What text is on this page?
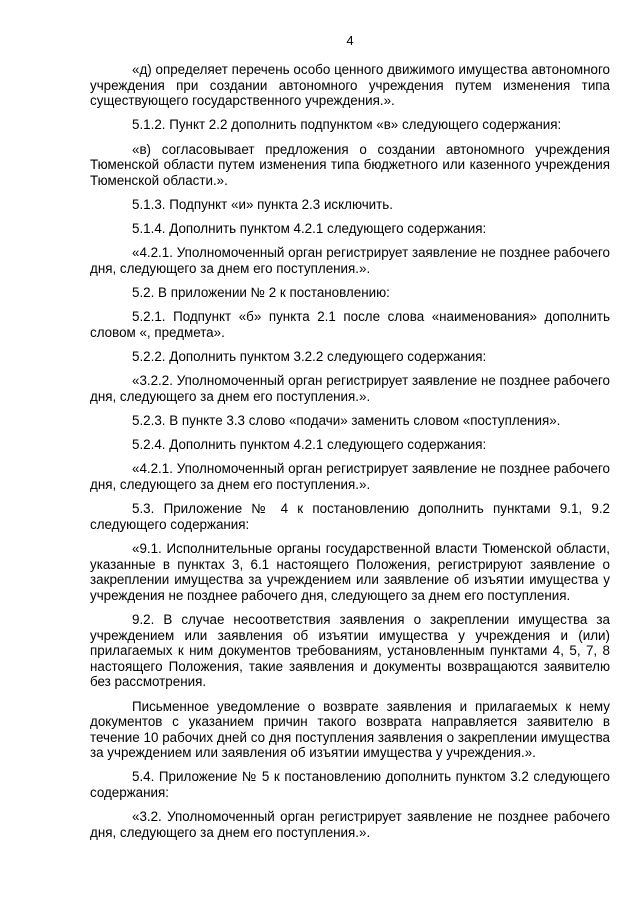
4

«д) определяет перечень особо ценного движимого имущества автономного учреждения при создании автономного учреждения путем изменения типа существующего государственного учреждения.».

5.1.2. Пункт 2.2 дополнить подпунктом «в» следующего содержания:

«в) согласовывает предложения о создании автономного учреждения Тюменской области путем изменения типа бюджетного или казенного учреждения Тюменской области.».

5.1.3. Подпункт «и» пункта 2.3 исключить.

5.1.4. Дополнить пунктом 4.2.1 следующего содержания:

«4.2.1. Уполномоченный орган регистрирует заявление не позднее рабочего дня, следующего за днем его поступления.».

5.2. В приложении № 2 к постановлению:

5.2.1. Подпункт «б» пункта 2.1 после слова «наименования» дополнить словом «, предмета».

5.2.2. Дополнить пунктом 3.2.2 следующего содержания:

«3.2.2. Уполномоченный орган регистрирует заявление не позднее рабочего дня, следующего за днем его поступления.».

5.2.3. В пункте 3.3 слово «подачи» заменить словом «поступления».

5.2.4. Дополнить пунктом 4.2.1 следующего содержания:

«4.2.1. Уполномоченный орган регистрирует заявление не позднее рабочего дня, следующего за днем его поступления.».

5.3. Приложение № 4 к постановлению дополнить пунктами 9.1, 9.2 следующего содержания:

«9.1. Исполнительные органы государственной власти Тюменской области, указанные в пунктах 3, 6.1 настоящего Положения, регистрируют заявление о закреплении имущества за учреждением или заявление об изъятии имущества у учреждения не позднее рабочего дня, следующего за днем его поступления.

9.2. В случае несоответствия заявления о закреплении имущества за учреждением или заявления об изъятии имущества у учреждения и (или) прилагаемых к ним документов требованиям, установленным пунктами 4, 5, 7, 8 настоящего Положения, такие заявления и документы возвращаются заявителю без рассмотрения.

Письменное уведомление о возврате заявления и прилагаемых к нему документов с указанием причин такого возврата направляется заявителю в течение 10 рабочих дней со дня поступления заявления о закреплении имущества за учреждением или заявления об изъятии имущества у учреждения.».

5.4. Приложение № 5 к постановлению дополнить пунктом 3.2 следующего содержания:

«3.2. Уполномоченный орган регистрирует заявление не позднее рабочего дня, следующего за днем его поступления.».
